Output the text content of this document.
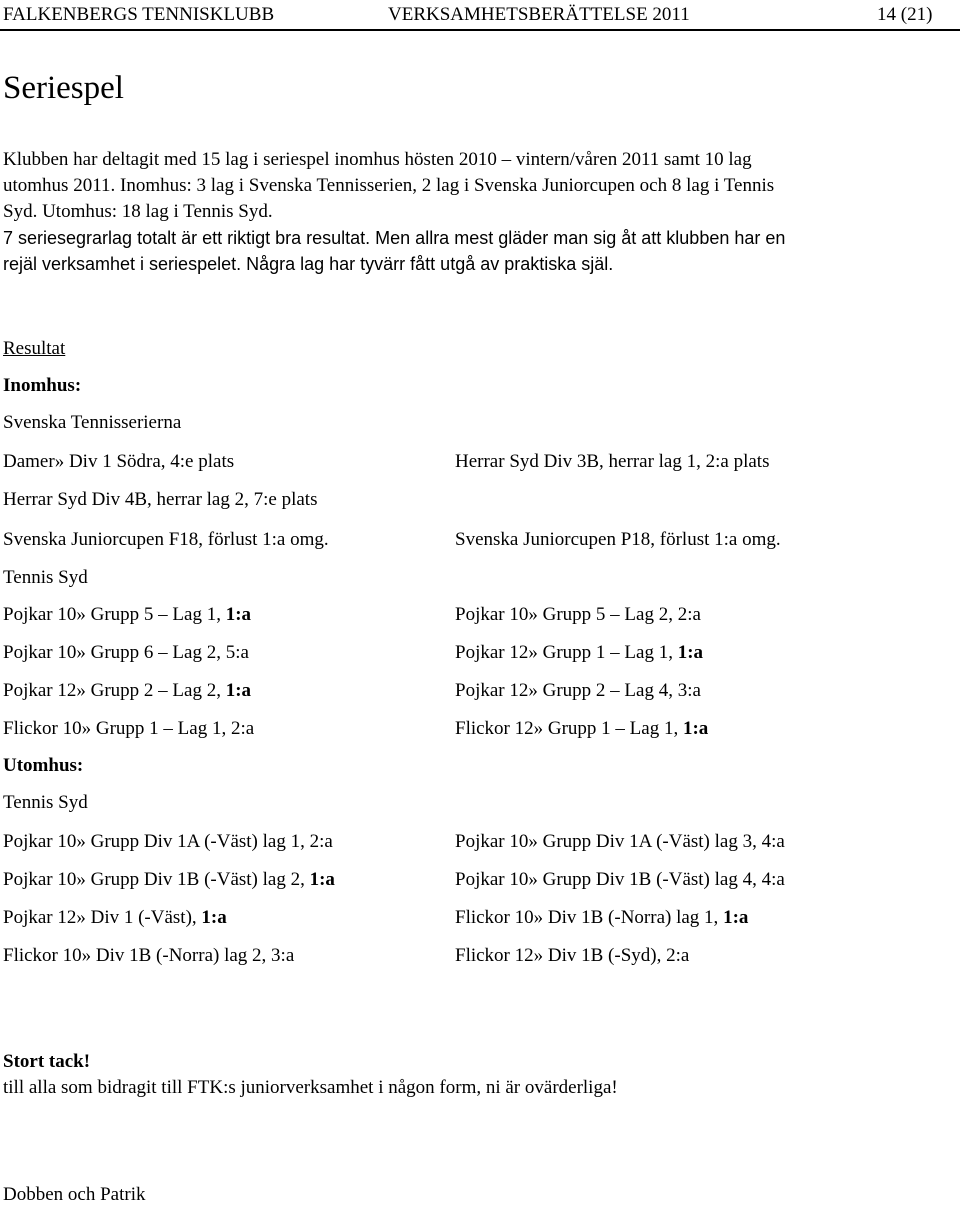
FALKENBERGS TENNISKLUBB	VERKSAMHETSBERÄTTELSE 2011	14 (21)
Seriespel
Klubben har deltagit med 15 lag i seriespel inomhus hösten 2010 – vintern/våren 2011 samt 10 lag
utomhus 2011. Inomhus: 3 lag i Svenska Tennisserien, 2 lag i Svenska Juniorcupen och 8 lag i Tennis
Syd. Utomhus: 18 lag i Tennis Syd.
7 seriesegrarlag totalt är ett riktigt bra resultat. Men allra mest gläder man sig åt att klubben har en
rejäl verksamhet i seriespelet. Några lag har tyvärr fått utgå av praktiska själ.
Resultat
Inomhus:
Svenska Tennisserierna
Damer» Div 1 Södra, 4:e plats	Herrar Syd Div 3B, herrar lag 1, 2:a plats
Herrar Syd Div 4B, herrar lag 2, 7:e plats
Svenska Juniorcupen F18, förlust 1:a omg.	Svenska Juniorcupen P18, förlust 1:a omg.
Tennis Syd
Pojkar 10» Grupp 5 – Lag 1, 1:a	Pojkar 10» Grupp 5 – Lag 2, 2:a
Pojkar 10» Grupp 6 – Lag 2, 5:a	Pojkar 12» Grupp 1 – Lag 1, 1:a
Pojkar 12» Grupp 2 – Lag 2, 1:a	Pojkar 12» Grupp 2 – Lag 4, 3:a
Flickor 10» Grupp 1 – Lag 1, 2:a	Flickor 12» Grupp 1 – Lag 1, 1:a
Utomhus:
Tennis Syd
Pojkar 10» Grupp Div 1A (-Väst) lag 1, 2:a	Pojkar 10» Grupp Div 1A (-Väst) lag 3, 4:a
Pojkar 10» Grupp Div 1B (-Väst) lag 2, 1:a	Pojkar 10» Grupp Div 1B (-Väst) lag 4, 4:a
Pojkar 12» Div 1 (-Väst), 1:a	Flickor 10» Div 1B (-Norra) lag 1, 1:a
Flickor 10» Div 1B (-Norra) lag 2, 3:a	Flickor 12» Div 1B (-Syd), 2:a
Stort tack!
till alla som bidragit till FTK:s juniorverksamhet i någon form, ni är ovärderliga!
Dobben och Patrik
